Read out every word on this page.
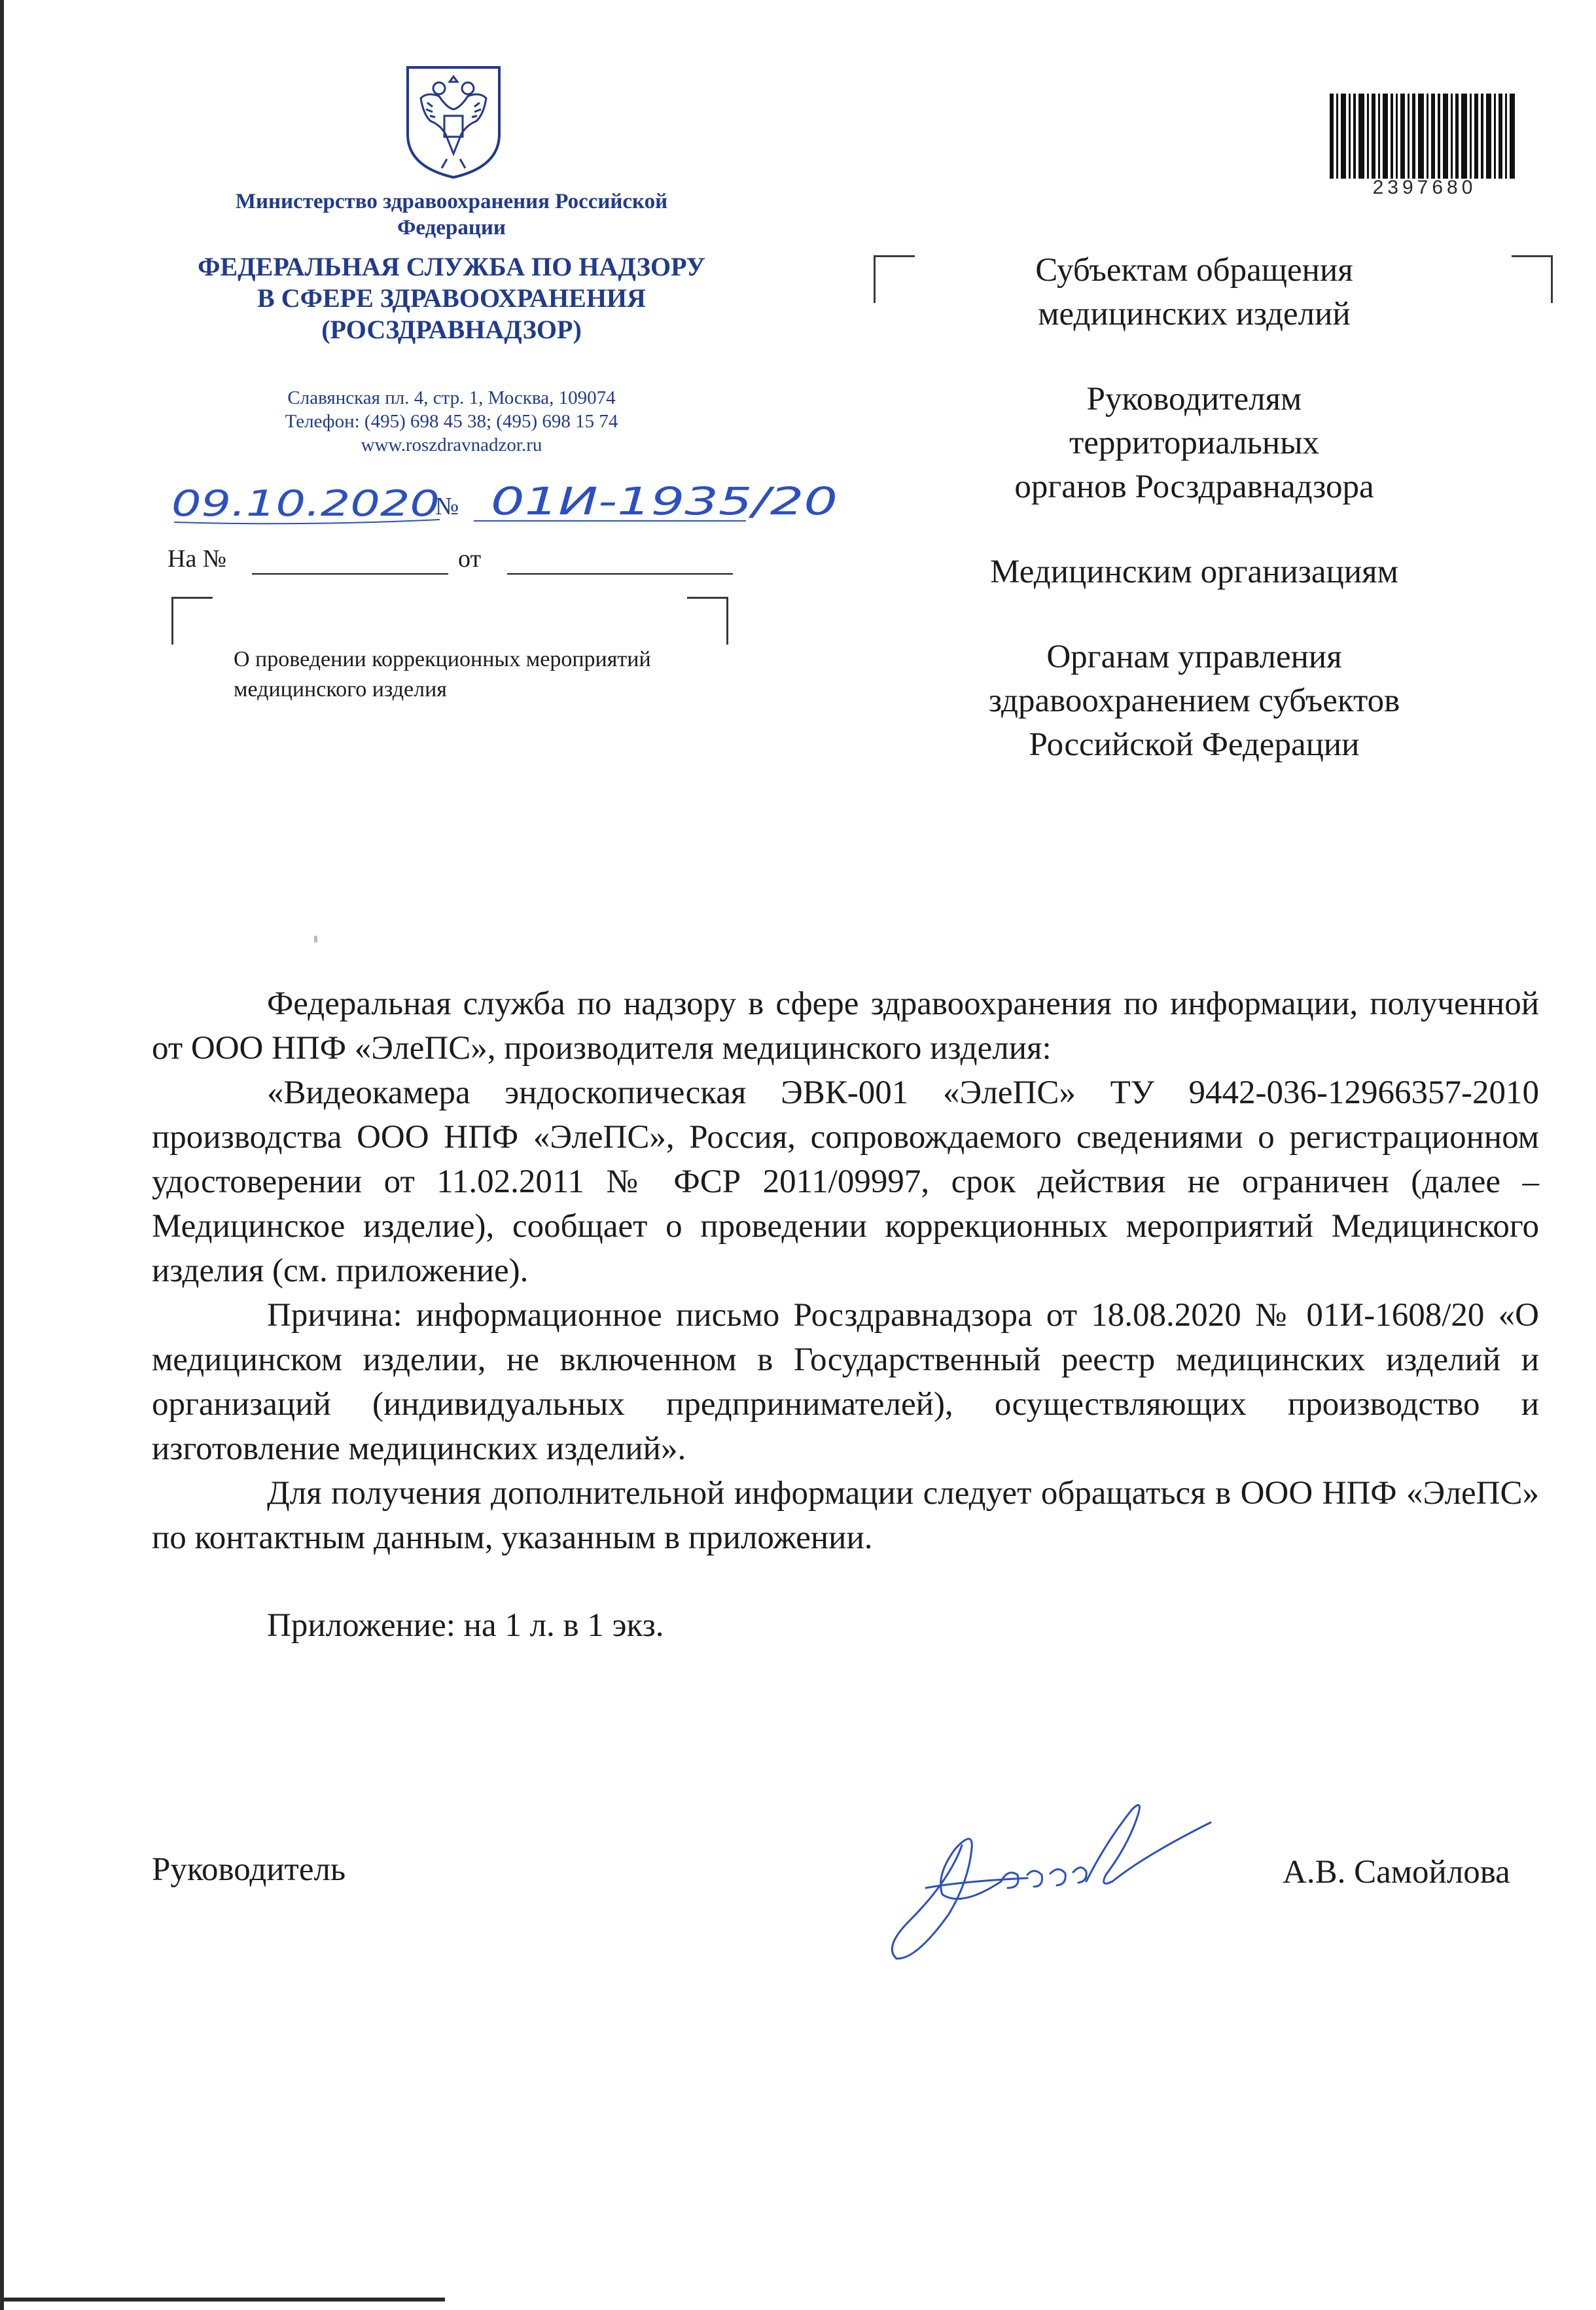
Министерство здравоохранения Российской Федерации
ФЕДЕРАЛЬНАЯ СЛУЖБА ПО НАДЗОРУ
В СФЕРЕ ЗДРАВООХРАНЕНИЯ
(РОСЗДРАВНАДЗОР)
Славянская пл. 4, стр. 1, Москва, 109074
Телефон: (495) 698 45 38; (495) 698 15 74
www.roszdravnadzor.ru
09.10.2020
№ 01И-1935/20
На №	от
О проведении коррекционных мероприятий медицинского изделия
2397680
Субъектам обращения медицинских изделий
Руководителям территориальных органов Росздравнадзора
Медицинским организациям
Органам управления здравоохранением субъектов Российской Федерации

Федеральная служба по надзору в сфере здравоохранения по информации, полученной от ООО НПФ «ЭлеПС», производителя медицинского изделия:

«Видеокамера эндоскопическая ЭВК-001 «ЭлеПС» ТУ 9442-036-12966357-2010 производства ООО НПФ «ЭлеПС», Россия, сопровождаемого сведениями о регистрационном удостоверении от 11.02.2011 № ФСР 2011/09997, срок действия не ограничен (далее – Медицинское изделие), сообщает о проведении коррекционных мероприятий Медицинского изделия (см. приложение).

Причина: информационное письмо Росздравнадзора от 18.08.2020 № 01И-1608/20 «О медицинском изделии, не включенном в Государственный реестр медицинских изделий и организаций (индивидуальных предпринимателей), осуществляющих производство и изготовление медицинских изделий».

Для получения дополнительной информации следует обращаться в ООО НПФ «ЭлеПС» по контактным данным, указанным в приложении.

Приложение: на 1 л. в 1 экз.
Руководитель	А.В. Самойлова
